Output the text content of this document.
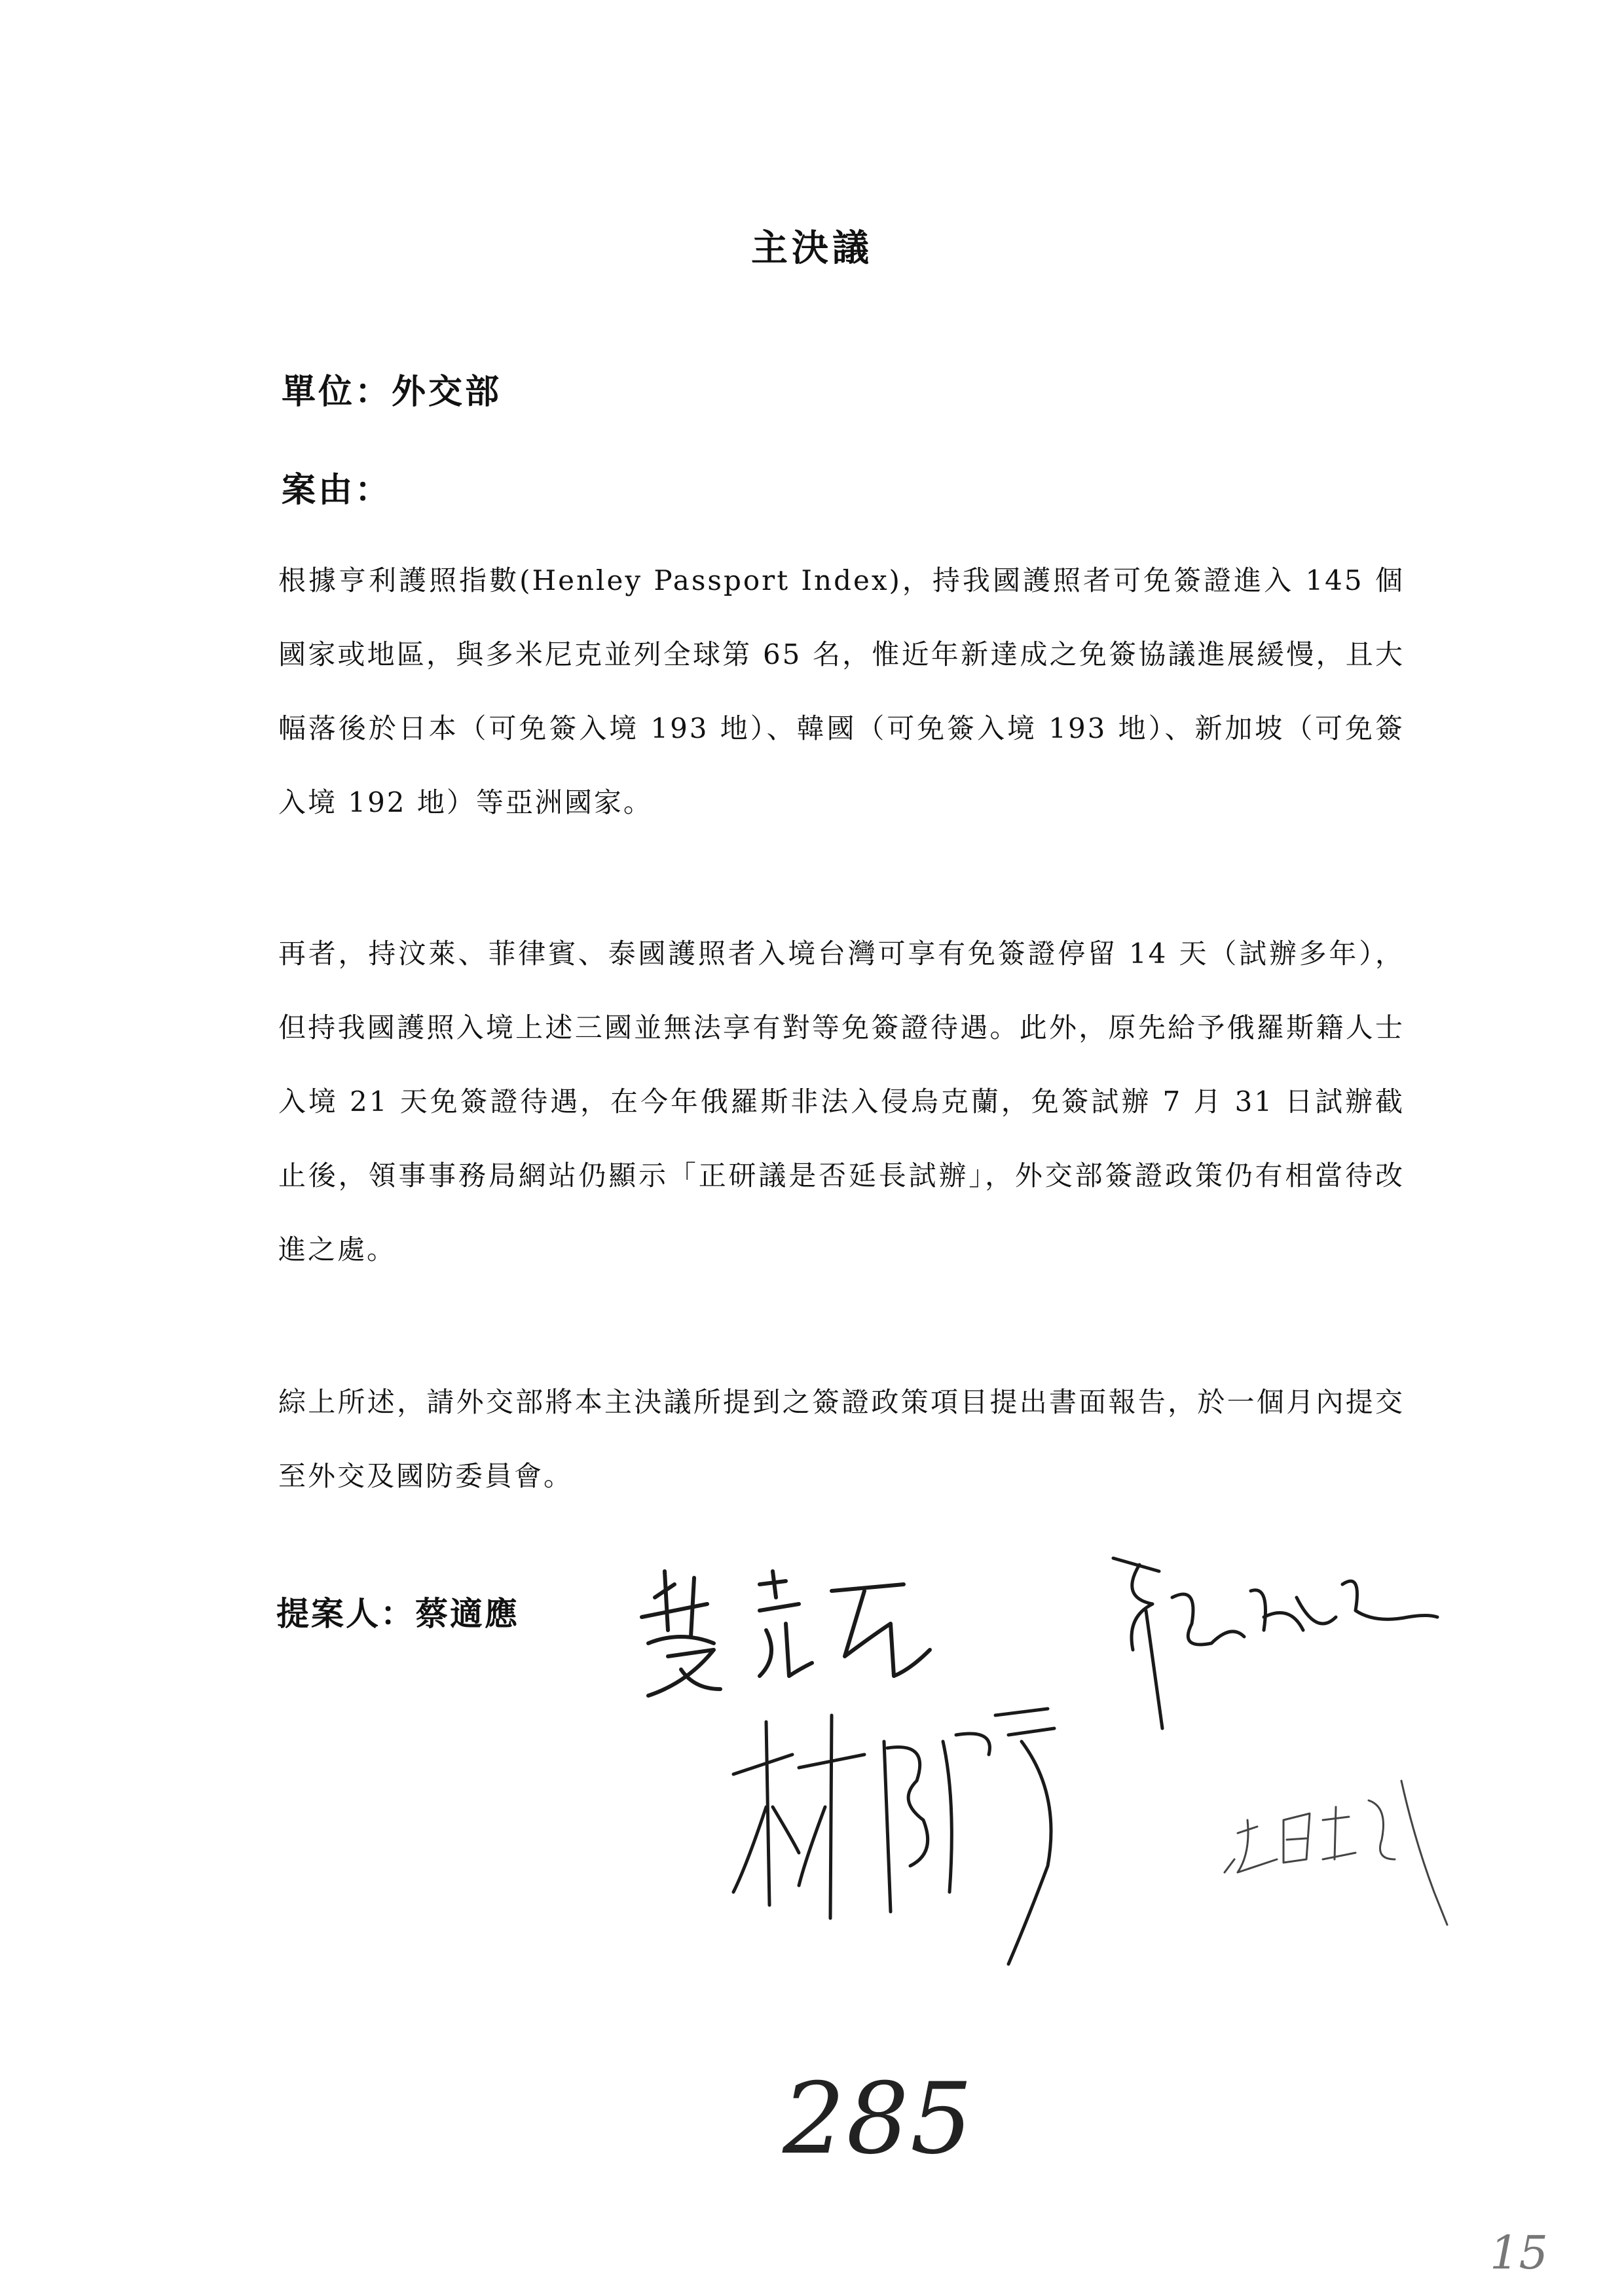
主決議
單位：外交部
案由：
根據亨利護照指數(Henley Passport Index)，持我國護照者可免簽證進入 145 個國家或地區，與多米尼克並列全球第 65 名，惟近年新達成之免簽協議進展緩慢，且大幅落後於日本（可免簽入境 193 地）、韓國（可免簽入境 193 地）、新加坡（可免簽入境 192 地）等亞洲國家。
再者，持汶萊、菲律賓、泰國護照者入境台灣可享有免簽證停留 14 天（試辦多年），但持我國護照入境上述三國並無法享有對等免簽證待遇。此外，原先給予俄羅斯籍人士入境 21 天免簽證待遇，在今年俄羅斯非法入侵烏克蘭，免簽試辦 7 月 31 日試辦截止後，領事事務局網站仍顯示「正研議是否延長試辦」，外交部簽證政策仍有相當待改進之處。
綜上所述，請外交部將本主決議所提到之簽證政策項目提出書面報告，於一個月內提交至外交及國防委員會。
提案人：蔡適應
285
15
